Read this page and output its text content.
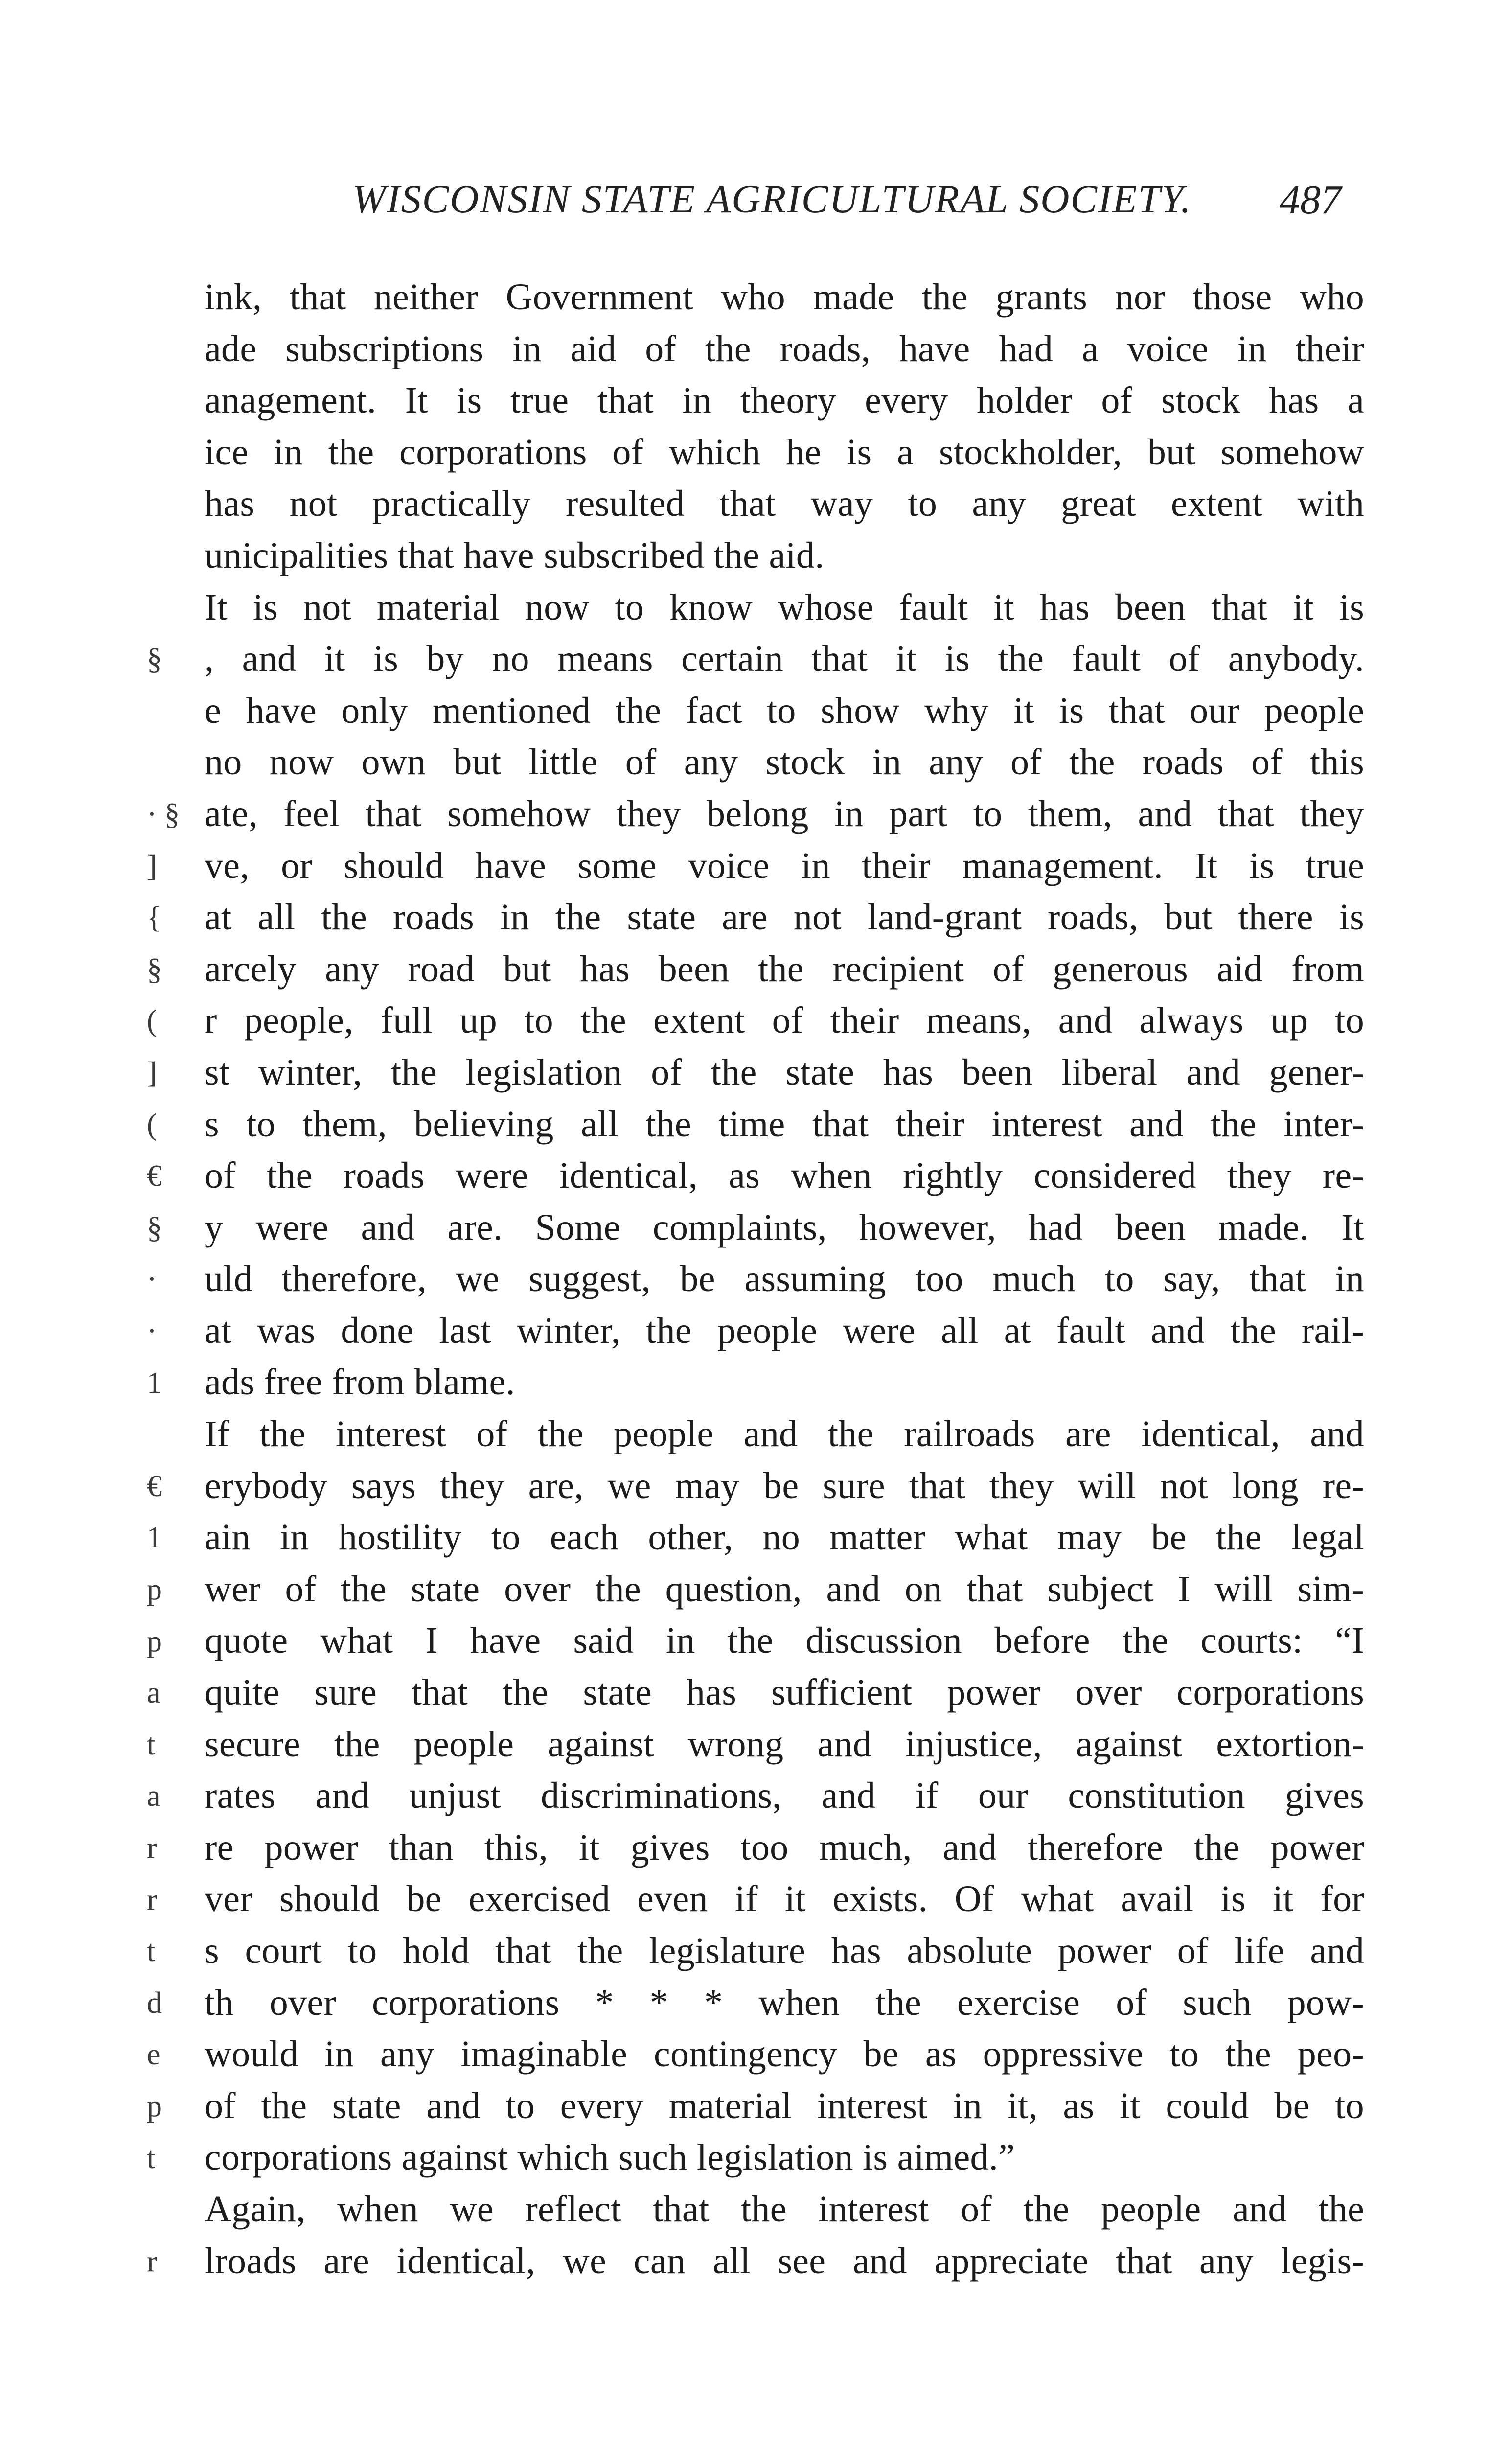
WISCONSIN STATE AGRICULTURAL SOCIETY. 487
§
· §
]
{
§
(
]
(
€
§
·
·
1
€
1
p
p
a
t
a
r
r
t
d
e
p
t
r
ink, that neither Government who made the grants nor those who
ade subscriptions in aid of the roads, have had a voice in their
anagement. It is true that in theory every holder of stock has a
ice in the corporations of which he is a stockholder, but somehow
has not practically resulted that way to any great extent with
unicipalities that have subscribed the aid.
It is not material now to know whose fault it has been that it is
, and it is by no means certain that it is the fault of anybody.
e have only mentioned the fact to show why it is that our people
no now own but little of any stock in any of the roads of this
ate, feel that somehow they belong in part to them, and that they
ve, or should have some voice in their management. It is true
at all the roads in the state are not land-grant roads, but there is
arcely any road but has been the recipient of generous aid from
r people, full up to the extent of their means, and always up to
st winter, the legislation of the state has been liberal and gener-
s to them, believing all the time that their interest and the inter-
of the roads were identical, as when rightly considered they re-
y were and are. Some complaints, however, had been made. It
uld therefore, we suggest, be assuming too much to say, that in
at was done last winter, the people were all at fault and the rail-
ads free from blame.
If the interest of the people and the railroads are identical, and
erybody says they are, we may be sure that they will not long re-
ain in hostility to each other, no matter what may be the legal
wer of the state over the question, and on that subject I will sim-
quote what I have said in the discussion before the courts: “I
quite sure that the state has sufficient power over corporations
secure the people against wrong and injustice, against extortion-
rates and unjust discriminations, and if our constitution gives
re power than this, it gives too much, and therefore the power
ver should be exercised even if it exists. Of what avail is it for
s court to hold that the legislature has absolute power of life and
th over corporations * * * when the exercise of such pow-
would in any imaginable contingency be as oppressive to the peo-
of the state and to every material interest in it, as it could be to
corporations against which such legislation is aimed.”
Again, when we reflect that the interest of the people and the
lroads are identical, we can all see and appreciate that any legis-
